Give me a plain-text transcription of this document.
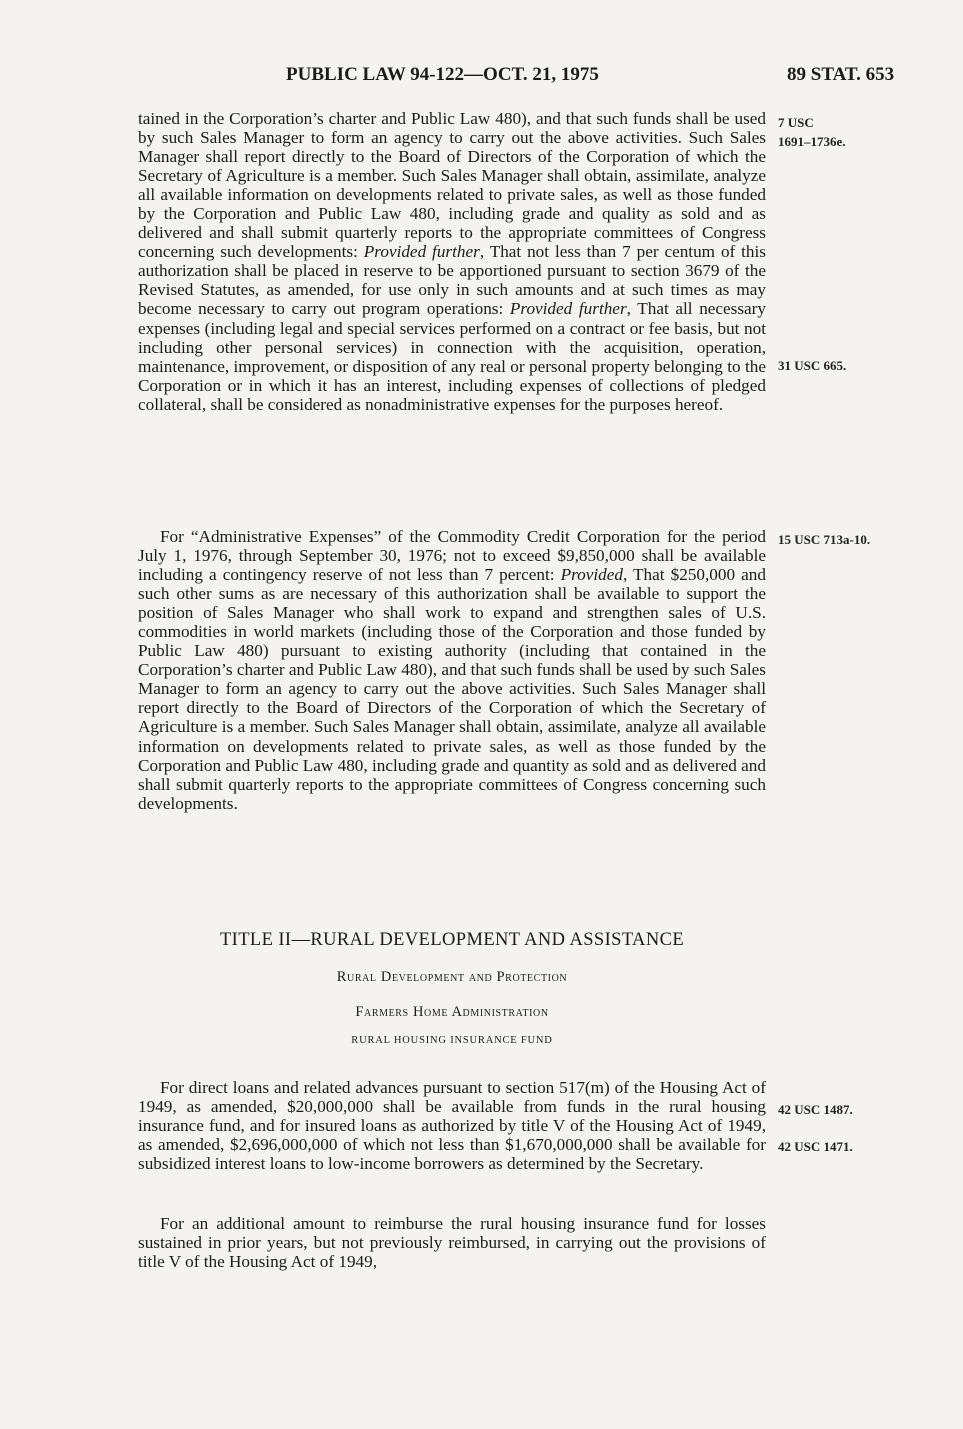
PUBLIC LAW 94-122—OCT. 21, 1975	89 STAT. 653

tained in the Corporation’s charter and Public Law 480), and that such funds shall be used by such Sales Manager to form an agency to carry out the above activities. Such Sales Manager shall report directly to the Board of Directors of the Corporation of which the Secretary of Agriculture is a member. Such Sales Manager shall obtain, assimilate, analyze all available information on developments related to private sales, as well as those funded by the Corporation and Public Law 480, including grade and quality as sold and as delivered and shall submit quarterly reports to the appropriate committees of Congress concerning such developments: Provided further, That not less than 7 per centum of this authorization shall be placed in reserve to be apportioned pursuant to section 3679 of the Revised Statutes, as amended, for use only in such amounts and at such times as may become necessary to carry out program operations: Provided further, That all necessary expenses (including legal and special services performed on a contract or fee basis, but not including other personal services) in connection with the acquisition, operation, maintenance, improvement, or disposition of any real or personal property belonging to the Corporation or in which it has an interest, including expenses of collections of pledged collateral, shall be considered as nonadministrative expenses for the purposes hereof.

For “Administrative Expenses” of the Commodity Credit Corporation for the period July 1, 1976, through September 30, 1976; not to exceed $9,850,000 shall be available including a contingency reserve of not less than 7 percent: Provided, That $250,000 and such other sums as are necessary of this authorization shall be available to support the position of Sales Manager who shall work to expand and strengthen sales of U.S. commodities in world markets (including those of the Corporation and those funded by Public Law 480) pursuant to existing authority (including that contained in the Corporation’s charter and Public Law 480), and that such funds shall be used by such Sales Manager to form an agency to carry out the above activities. Such Sales Manager shall report directly to the Board of Directors of the Corporation of which the Secretary of Agriculture is a member. Such Sales Manager shall obtain, assimilate, analyze all available information on developments related to private sales, as well as those funded by the Corporation and Public Law 480, including grade and quantity as sold and as delivered and shall submit quarterly reports to the appropriate committees of Congress concerning such developments.

TITLE II—RURAL DEVELOPMENT AND ASSISTANCE
Rural Development and Protection
Farmers Home Administration
RURAL HOUSING INSURANCE FUND

For direct loans and related advances pursuant to section 517(m) of the Housing Act of 1949, as amended, $20,000,000 shall be available from funds in the rural housing insurance fund, and for insured loans as authorized by title V of the Housing Act of 1949, as amended, $2,696,000,000 of which not less than $1,670,000,000 shall be available for subsidized interest loans to low-income borrowers as determined by the Secretary.

For an additional amount to reimburse the rural housing insurance fund for losses sustained in prior years, but not previously reimbursed, in carrying out the provisions of title V of the Housing Act of 1949,

7 USC
1691–1736e.
31 USC 665.
15 USC 713a-10.
42 USC 1487.
42 USC 1471.
